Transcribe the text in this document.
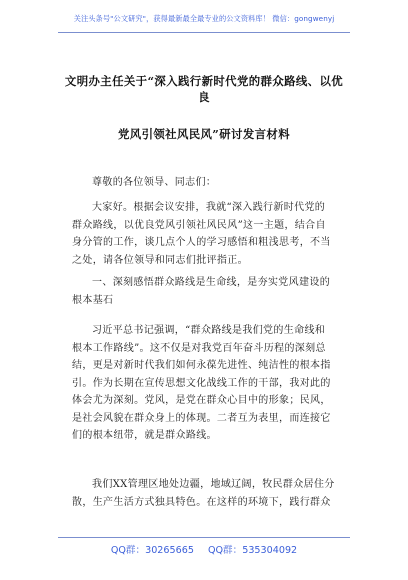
关注头条号"公文研究"，获得最新最全最专业的公文资料库！ 微信：gongwenyj
文明办主任关于“深入践行新时代党的群众路线、以优良
党风引领社风民风”研讨发言材料
尊敬的各位领导、同志们：
大家好。根据会议安排，我就“深入践行新时代党的
群众路线，以优良党风引领社风民风”这一主题，结合自
身分管的工作，谈几点个人的学习感悟和粗浅思考，不当
之处，请各位领导和同志们批评指正。
一、深刻感悟群众路线是生命线，是夯实党风建设的
根本基石
习近平总书记强调，“群众路线是我们党的生命线和
根本工作路线”。这不仅是对我党百年奋斗历程的深刻总
结，更是对新时代我们如何永葆先进性、纯洁性的根本指
引。作为长期在宣传思想文化战线工作的干部，我对此的
体会尤为深刻。党风，是党在群众心目中的形象；民风，
是社会风貌在群众身上的体现。二者互为表里，而连接它
们的根本纽带，就是群众路线。
我们XX管理区地处边疆，地域辽阔，牧民群众居住分
散，生产生活方式独具特色。在这样的环境下，践行群众
QQ群：30265665 QQ群：535304092
